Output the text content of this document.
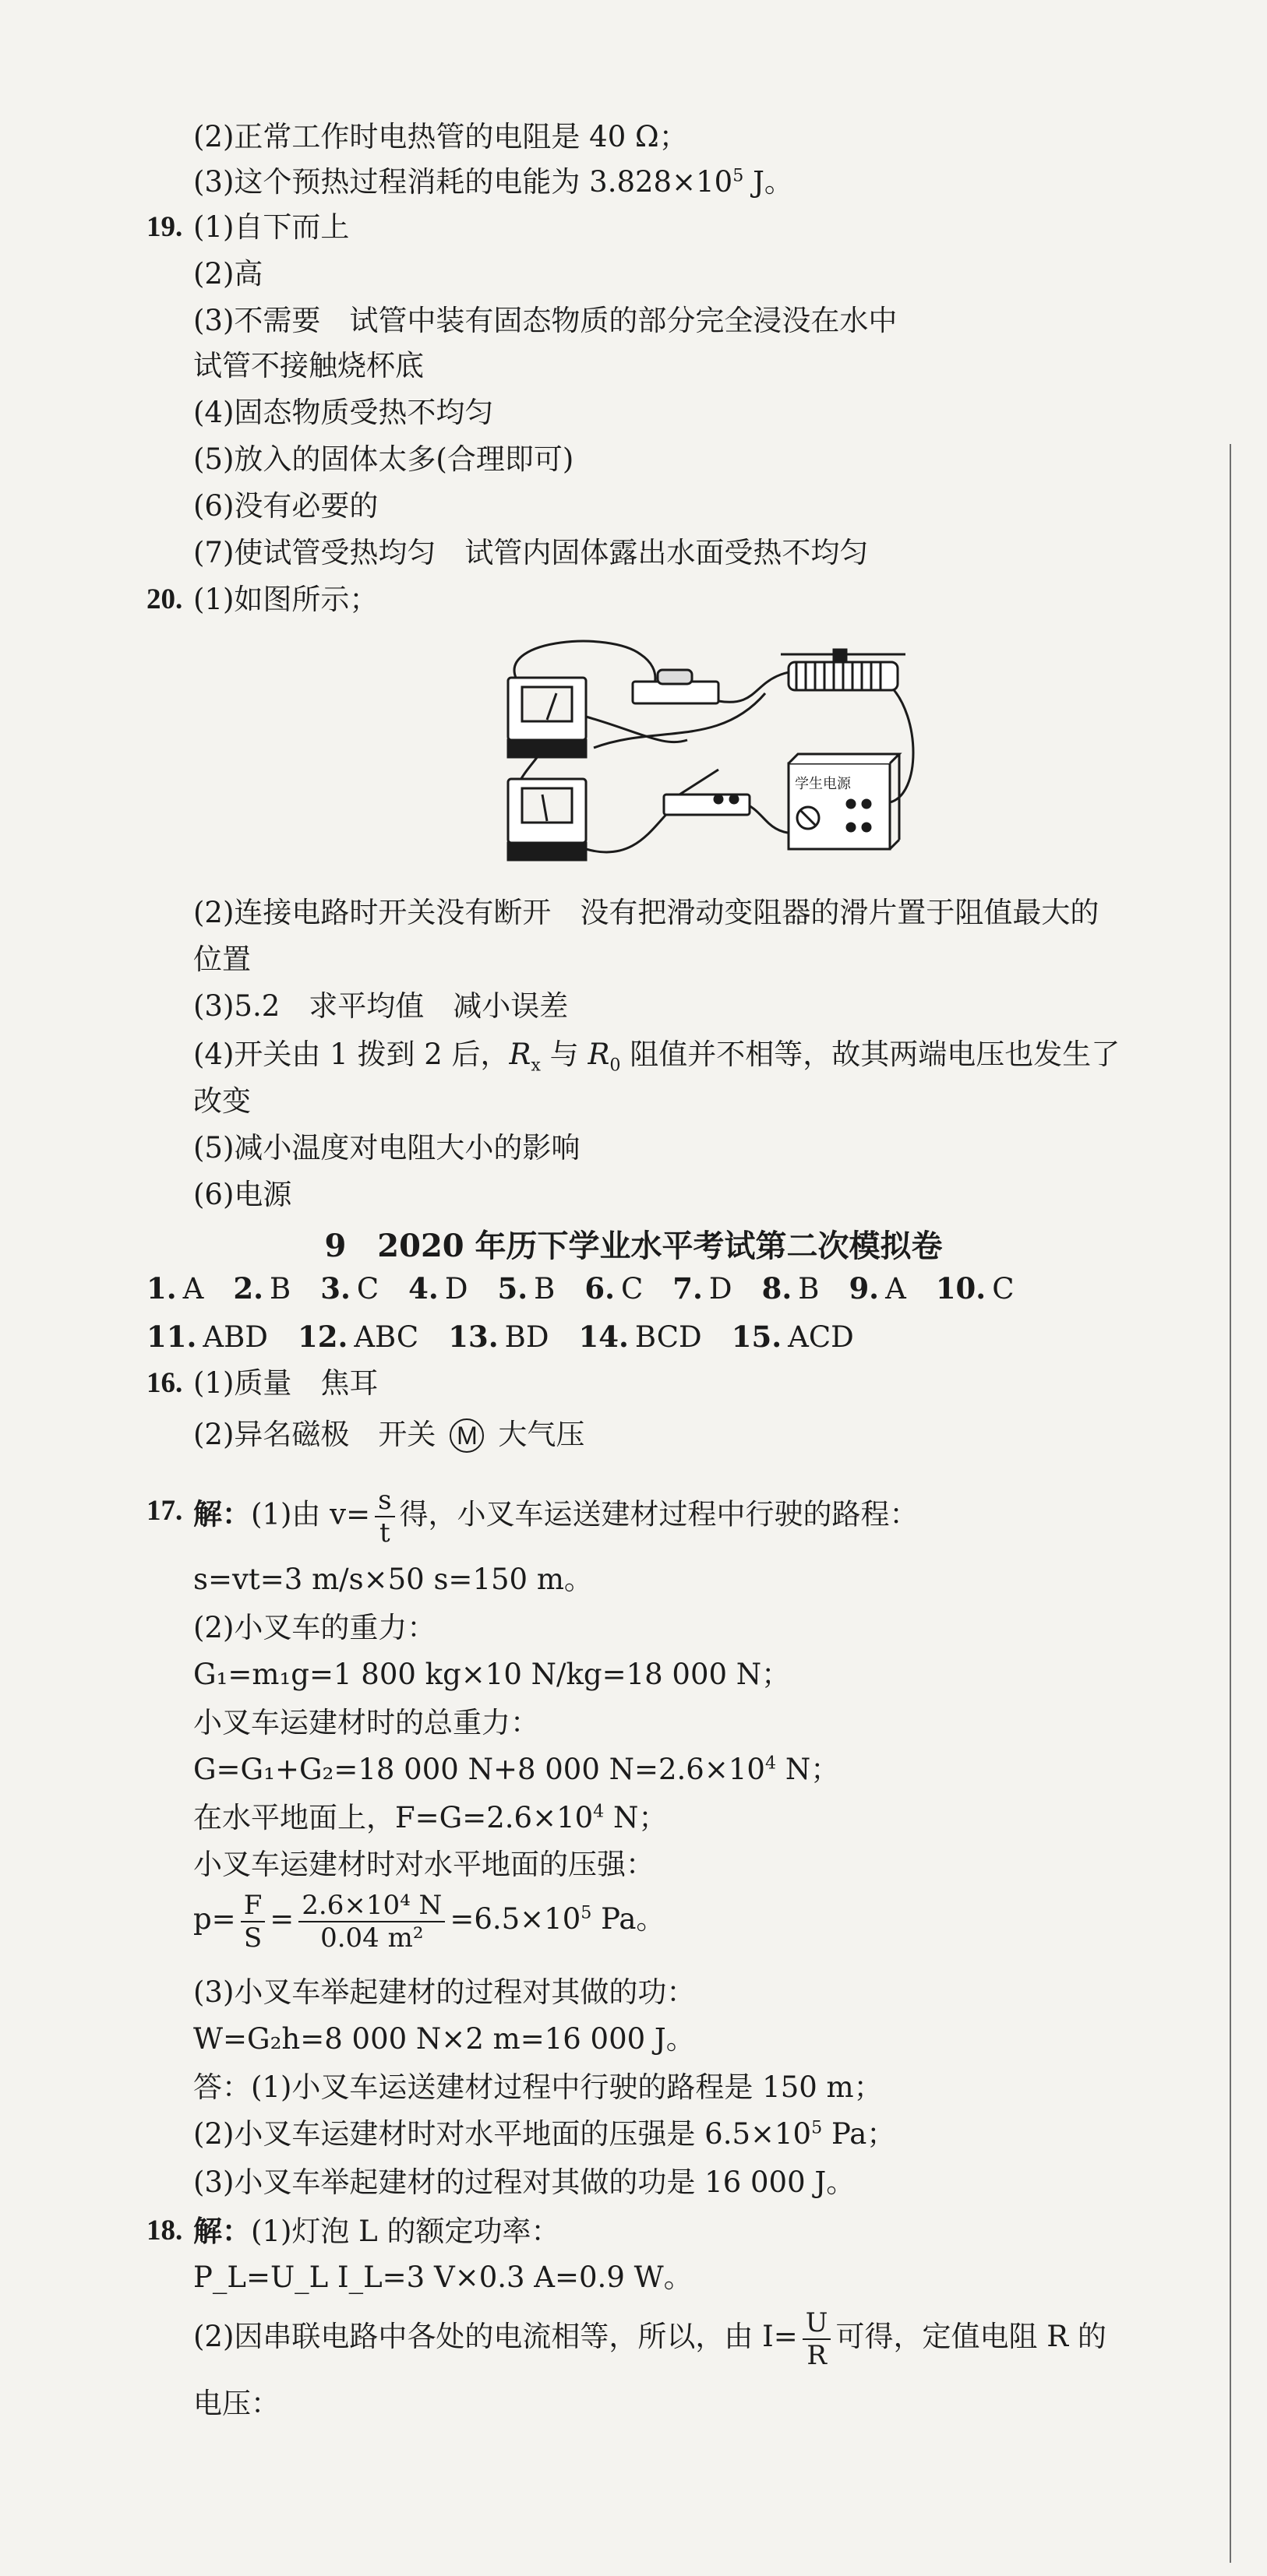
(2)正常工作时电热管的电阻是 40 Ω；
(3)这个预热过程消耗的电能为 $3.828\times 10^5$ J。
19. (1)自下而上
(2)高
(3)不需要　试管中装有固态物质的部分完全浸没在水中
试管不接触烧杯底
(4)固态物质受热不均匀
(5)放入的固体太多(合理即可)
(6)没有必要的
(7)使试管受热均匀　试管内固体露出水面受热不均匀
20. (1)如图所示；
学生电源
(2)连接电路时开关没有断开　没有把滑动变阻器的滑片置于阻值最大的
位置
(3)5.2　求平均值　减小误差
(4)开关由 1 拨到 2 后，$R_x$ 与 $R_0$ 阻值并不相等，故其两端电压也发生了
改变
(5)减小温度对电阻大小的影响
(6)电源
9　2020 年历下学业水平考试第二次模拟卷
1. A 2. B 3. C 4. D 5. B 6. C 7. D 8. B 9. A 10. C
11. ABD 12. ABC 13. BD 14. BCD 15. ACD
16. (1)质量　焦耳
(2)异名磁极　开关 M 大气压
17. 解：(1)由 $v= \frac{s}{t}$ 得，小叉车运送建材过程中行驶的路程：
s=vt=3 m/s×50 s=150 m。
(2)小叉车的重力：
G₁=m₁g=1 800 kg×10 N/kg=18 000 N；
小叉车运建材时的总重力：
G=G₁+G₂=18 000 N+8 000 $N=2.6\times 10^4$ N；
在水平地面上，$F=G=2.6\times 10^4$ N；
小叉车运建材时对水平地面的压强：
$p= \frac{F}{S} = \frac{\text{2.6×10⁴ N}}{\text{0.04 m²}} =6.5\times 10^5$ Pa。
(3)小叉车举起建材的过程对其做的功：
W=G₂h=8 000 N×2 m=16 000 J。
答：(1)小叉车运送建材过程中行驶的路程是 150 m；
(2)小叉车运建材时对水平地面的压强是 $6.5\times 10^5$ Pa；
(3)小叉车举起建材的过程对其做的功是 16 000 J。
18. 解：(1)灯泡 L 的额定功率：
P_L=U_L I_L=3 V×0.3 A=0.9 W。
(2)因串联电路中各处的电流相等，所以，由 $I= \frac{U}{R}$ 可得，定值电阻 R 的
电压：
